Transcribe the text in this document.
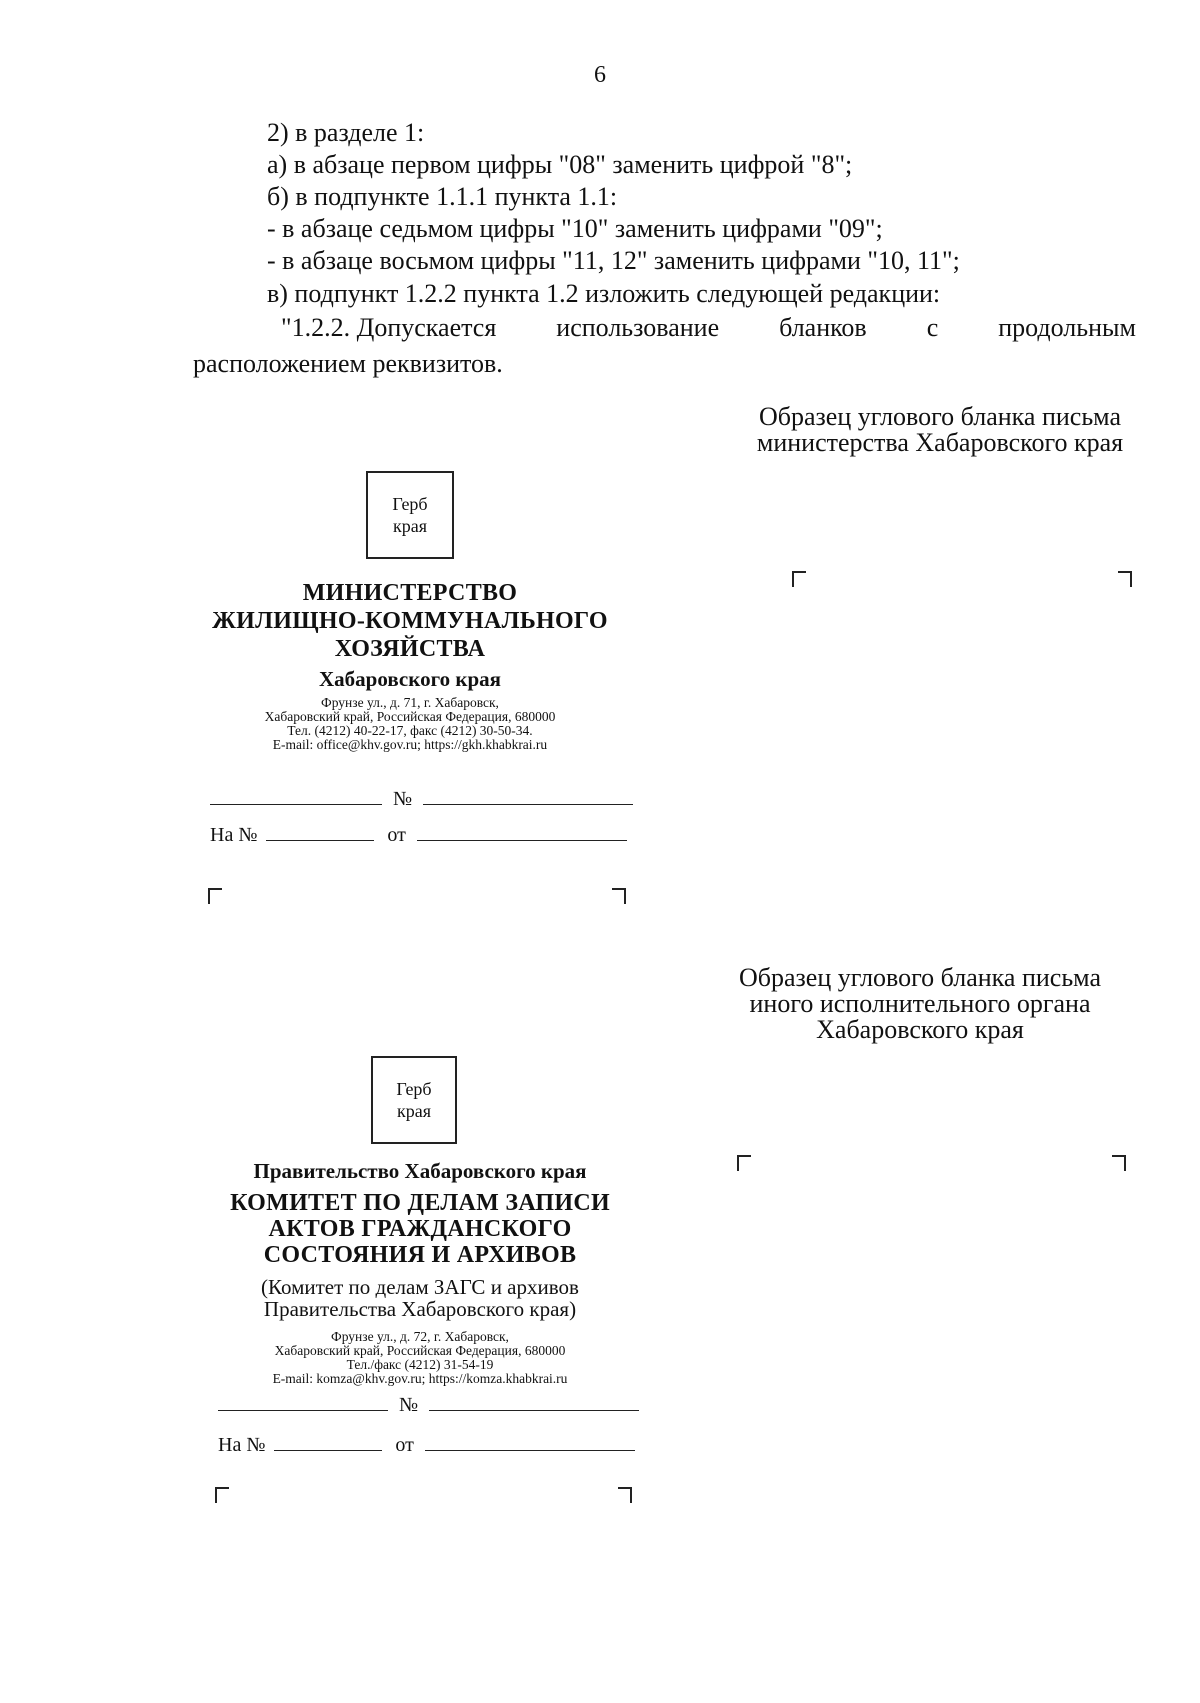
6
2) в разделе 1:
а) в абзаце первом цифры "08" заменить цифрой "8";
б) в подпункте 1.1.1 пункта 1.1:
- в абзаце седьмом цифры "10" заменить цифрами "09";
- в абзаце восьмом цифры "11, 12" заменить цифрами "10, 11";
в) подпункт 1.2.2 пункта 1.2 изложить следующей редакции:
"1.2.2. Допускается использование бланков с продольным
расположением реквизитов.
Образец углового бланка письма
министерства Хабаровского края
Герб
края
МИНИСТЕРСТВО
ЖИЛИЩНО-КОММУНАЛЬНОГО
ХОЗЯЙСТВА
Хабаровского края
Фрунзе ул., д. 71, г. Хабаровск,
Хабаровский край, Российская Федерация, 680000
Тел. (4212) 40-22-17, факс (4212) 30-50-34.
E-mail: office@khv.gov.ru; https://gkh.khabkrai.ru
№
На №	от
Образец углового бланка письма
иного исполнительного органа
Хабаровского края
Герб
края
Правительство Хабаровского края
КОМИТЕТ ПО ДЕЛАМ ЗАПИСИ
АКТОВ ГРАЖДАНСКОГО
СОСТОЯНИЯ И АРХИВОВ
(Комитет по делам ЗАГС и архивов
Правительства Хабаровского края)
Фрунзе ул., д. 72, г. Хабаровск,
Хабаровский край, Российская Федерация, 680000
Тел./факс (4212) 31-54-19
E-mail: komza@khv.gov.ru; https://komza.khabkrai.ru
№
На №	от
